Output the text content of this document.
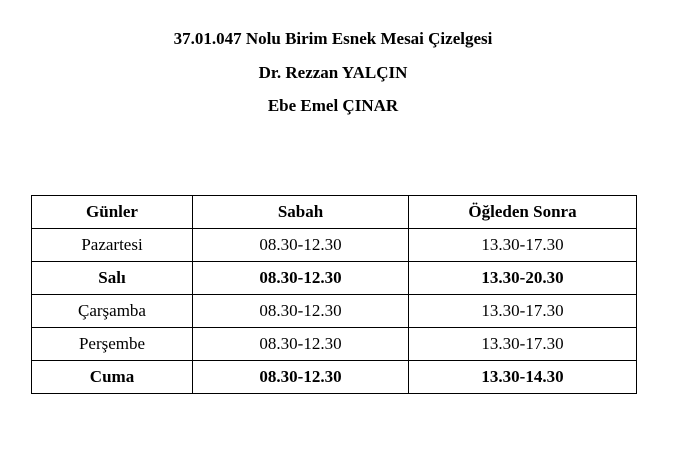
37.01.047 Nolu Birim Esnek Mesai Çizelgesi

Dr. Rezzan YALÇIN

Ebe Emel ÇINAR

Günler	Sabah	Öğleden Sonra
Pazartesi	08.30-12.30	13.30-17.30
Salı	08.30-12.30	13.30-20.30
Çarşamba	08.30-12.30	13.30-17.30
Perşembe	08.30-12.30	13.30-17.30
Cuma	08.30-12.30	13.30-14.30
